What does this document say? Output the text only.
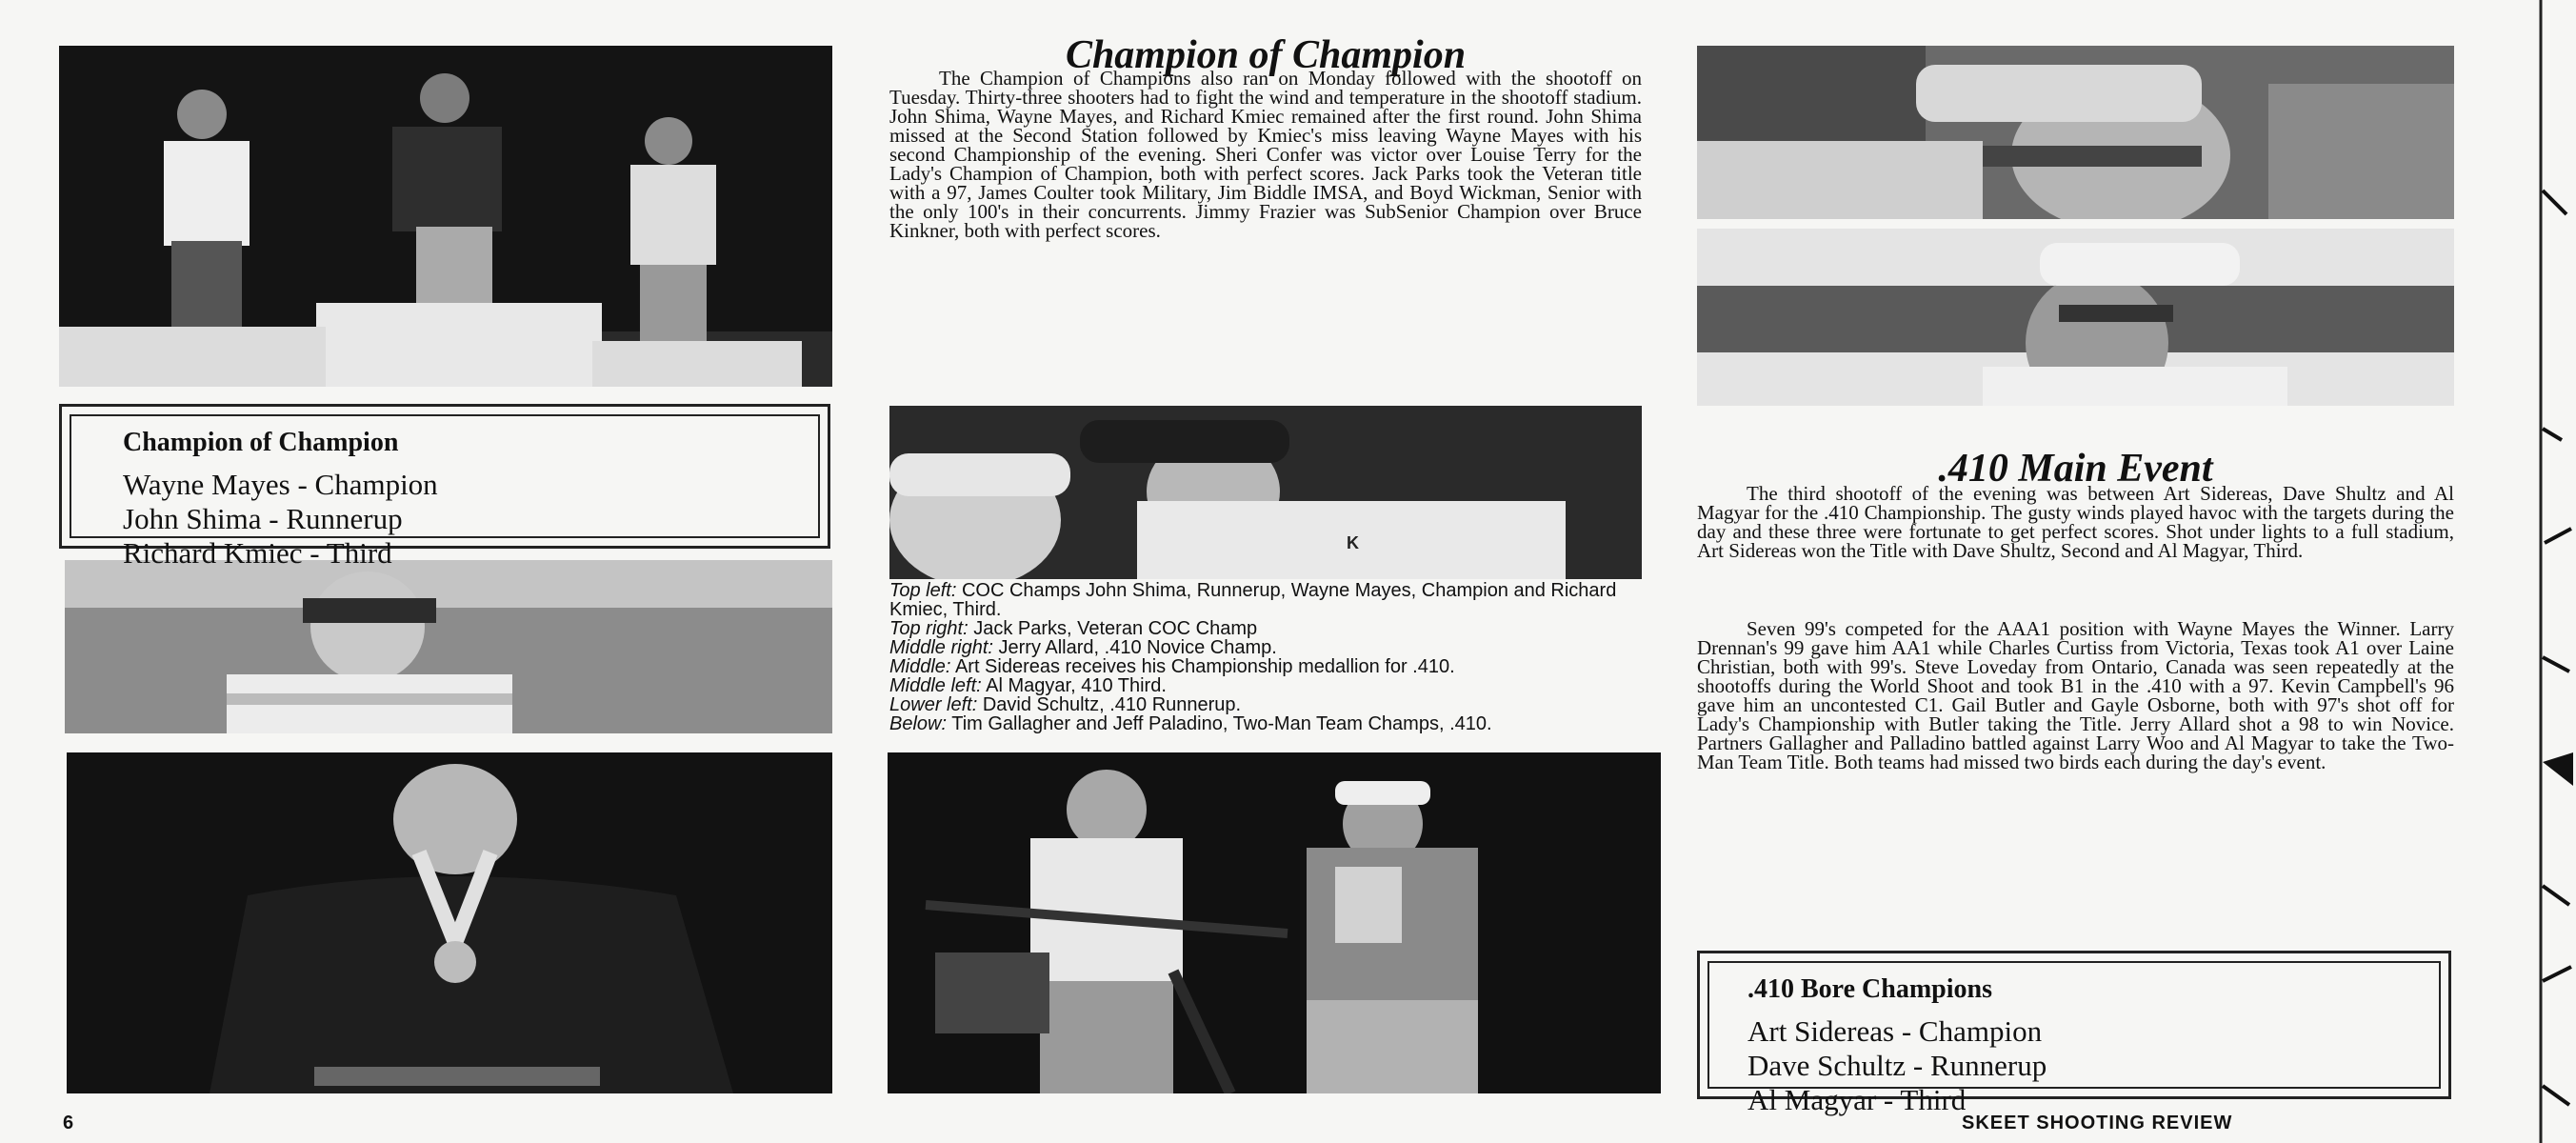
K
Champion of Champion
Wayne Mayes - Champion
John Shima - Runnerup
Richard Kmiec - Third
Champion of Champion

The Champion of Champions also ran on Monday followed with the shootoff on Tuesday. Thirty-three shooters had to fight the wind and temperature in the shootoff stadium. John Shima, Wayne Mayes, and Richard Kmiec remained after the first round. John Shima missed at the Second Station followed by Kmiec's miss leaving Wayne Mayes with his second Championship of the evening. Sheri Confer was victor over Louise Terry for the Lady's Champion of Champion, both with perfect scores. Jack Parks took the Veteran title with a 97, James Coulter took Military, Jim Biddle IMSA, and Boyd Wickman, Senior with the only 100's in their concurrents. Jimmy Frazier was SubSenior Champion over Bruce Kinkner, both with perfect scores.

Top left: COC Champs John Shima, Runnerup, Wayne Mayes, Champion and Richard Kmiec, Third.

Top right: Jack Parks, Veteran COC Champ

Middle right: Jerry Allard, .410 Novice Champ.

Middle: Art Sidereas receives his Championship medallion for .410.

Middle left: Al Magyar, 410 Third.

Lower left: David Schultz, .410 Runnerup.

Below: Tim Gallagher and Jeff Paladino, Two-Man Team Champs, .410.

.410 Main Event

The third shootoff of the evening was between Art Sidereas, Dave Shultz and Al Magyar for the .410 Championship. The gusty winds played havoc with the targets during the day and these three were fortunate to get perfect scores. Shot under lights to a full stadium, Art Sidereas won the Title with Dave Shultz, Second and Al Magyar, Third.

Seven 99's competed for the AAA1 position with Wayne Mayes the Winner. Larry Drennan's 99 gave him AA1 while Charles Curtiss from Victoria, Texas took A1 over Laine Christian, both with 99's. Steve Loveday from Ontario, Canada was seen repeatedly at the shootoffs during the World Shoot and took B1 in the .410 with a 97. Kevin Campbell's 96 gave him an uncontested C1. Gail Butler and Gayle Osborne, both with 97's shot off for Lady's Championship with Butler taking the Title. Jerry Allard shot a 98 to win Novice. Partners Gallagher and Palladino battled against Larry Woo and Al Magyar to take the Two-Man Team Title. Both teams had missed two birds each during the day's event.

.410 Bore Champions
Art Sidereas - Champion
Dave Schultz - Runnerup
Al Magyar - Third
6	SKEET SHOOTING REVIEW
